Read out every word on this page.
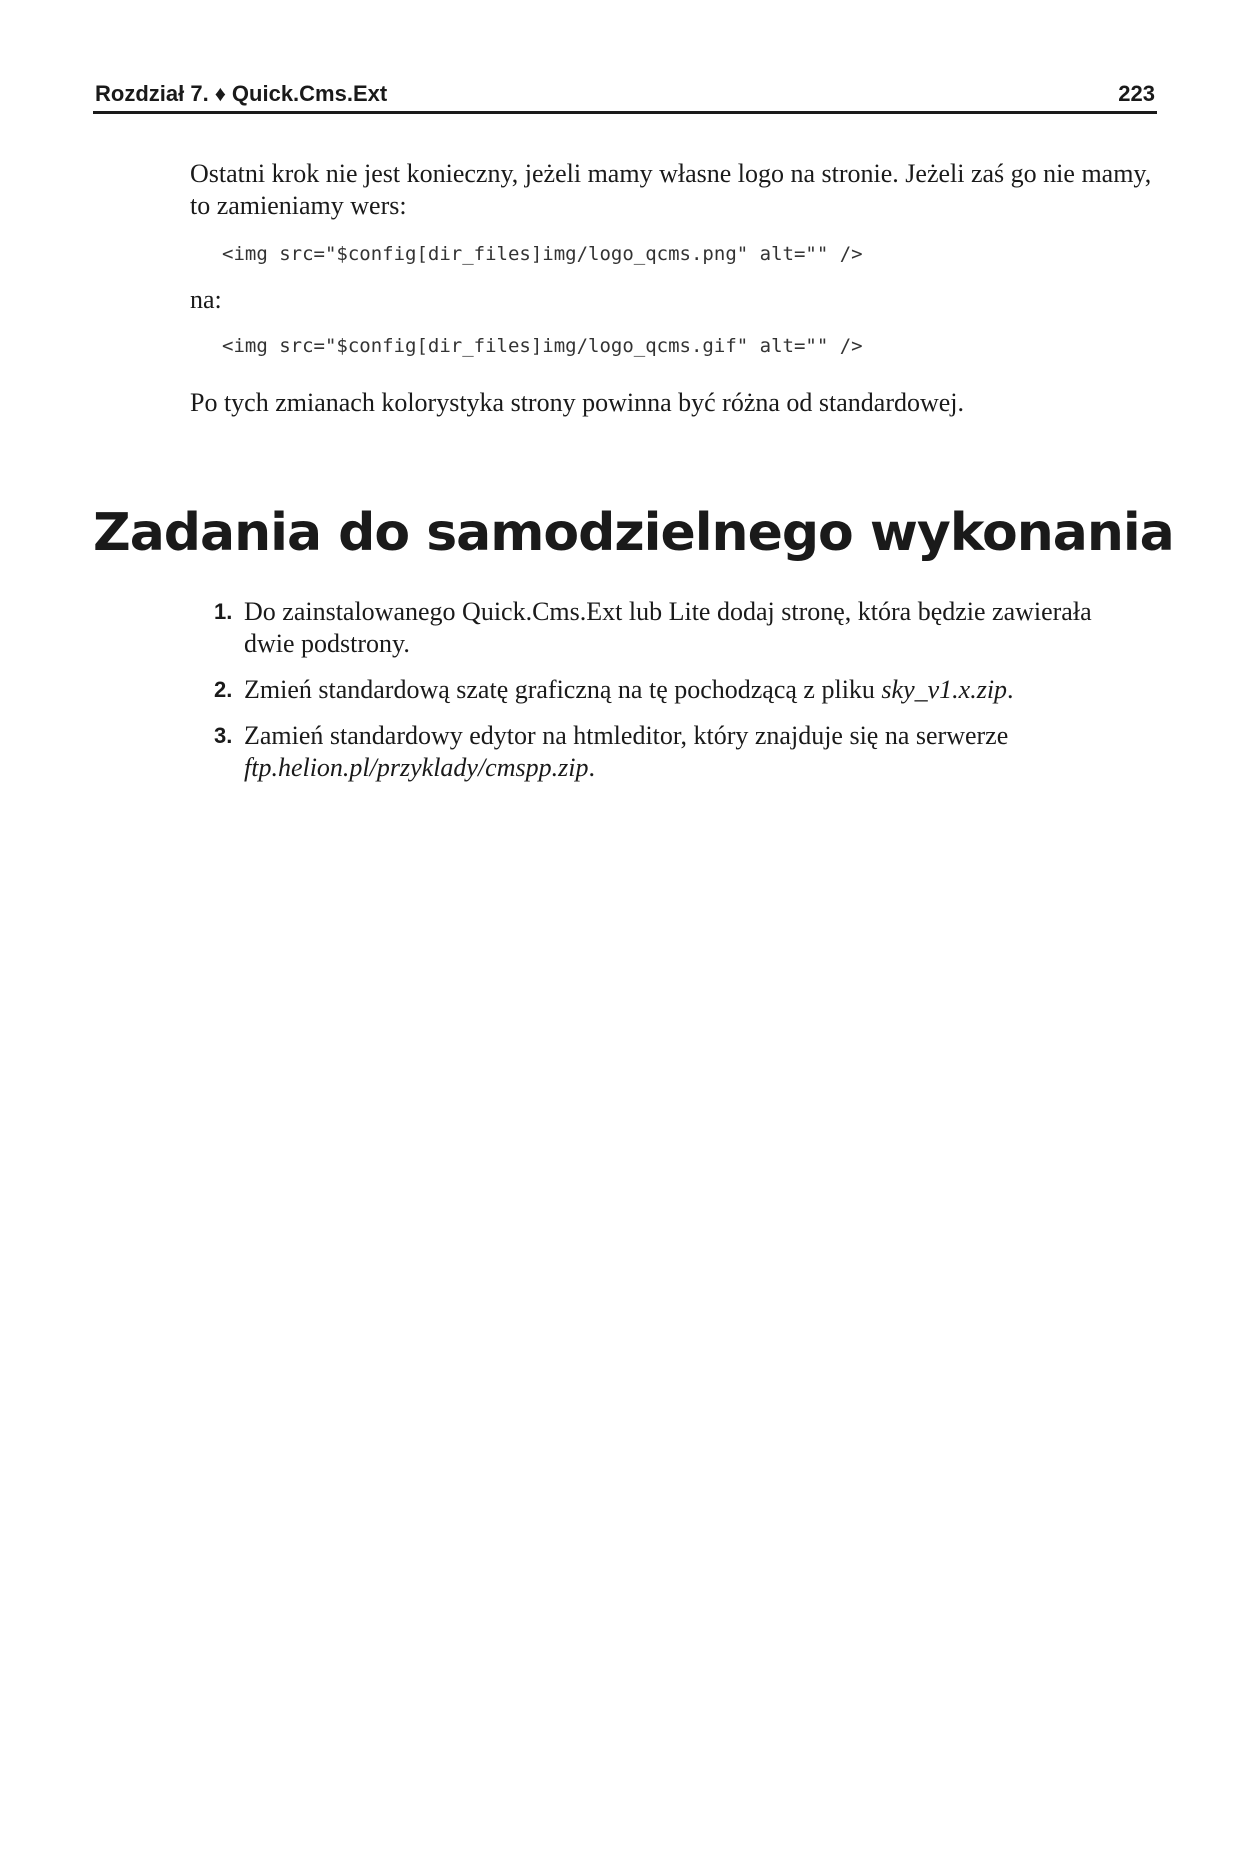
Rozdział 7. ♦ Quick.Cms.Ext	223
Ostatni krok nie jest konieczny, jeżeli mamy własne logo na stronie. Jeżeli zaś go nie mamy, to zamieniamy wers:
<img src="$config[dir_files]img/logo_qcms.png" alt="" />
na:
<img src="$config[dir_files]img/logo_qcms.gif" alt="" />
Po tych zmianach kolorystyka strony powinna być różna od standardowej.
Zadania do samodzielnego wykonania
1. Do zainstalowanego Quick.Cms.Ext lub Lite dodaj stronę, która będzie zawierała dwie podstrony.
2. Zmień standardową szatę graficzną na tę pochodzącą z pliku sky_v1.x.zip.
3. Zamień standardowy edytor na htmleditor, który znajduje się na serwerze ftp.helion.pl/przyklady/cmspp.zip.
